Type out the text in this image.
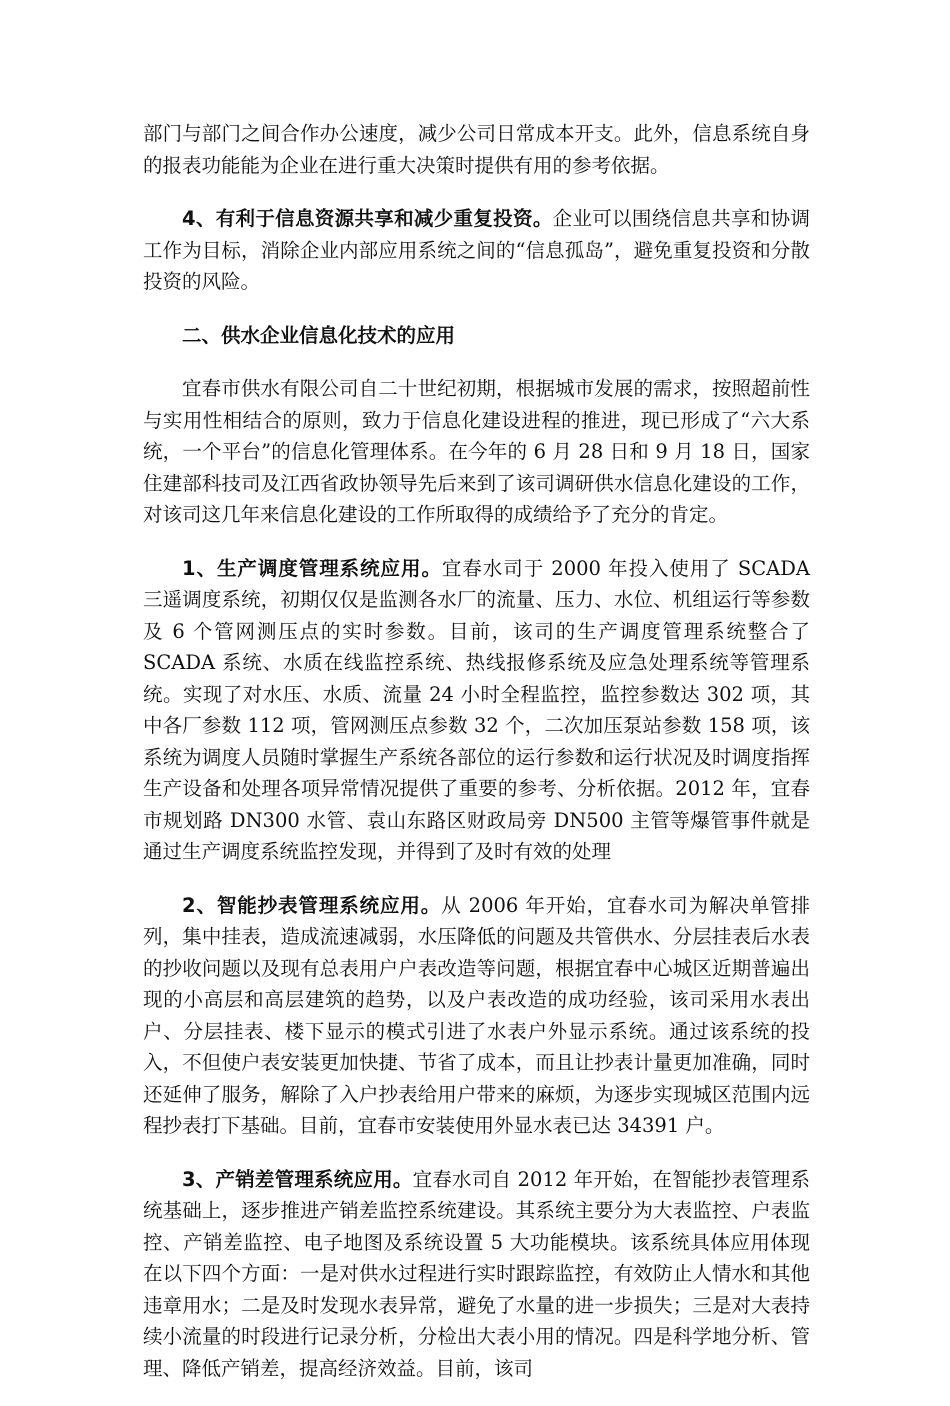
部门与部门之间合作办公速度，减少公司日常成本开支。此外，信息系统自身的报表功能能为企业在进行重大决策时提供有用的参考依据。

4、有利于信息资源共享和减少重复投资。企业可以围绕信息共享和协调工作为目标，消除企业内部应用系统之间的“信息孤岛”，避免重复投资和分散投资的风险。

二、供水企业信息化技术的应用

宜春市供水有限公司自二十世纪初期，根据城市发展的需求，按照超前性与实用性相结合的原则，致力于信息化建设进程的推进，现已形成了“六大系统，一个平台”的信息化管理体系。在今年的 6 月 28 日和 9 月 18 日，国家住建部科技司及江西省政协领导先后来到了该司调研供水信息化建设的工作，对该司这几年来信息化建设的工作所取得的成绩给予了充分的肯定。

1、生产调度管理系统应用。宜春水司于 2000 年投入使用了 SCADA 三遥调度系统，初期仅仅是监测各水厂的流量、压力、水位、机组运行等参数及 6 个管网测压点的实时参数。目前，该司的生产调度管理系统整合了 SCADA 系统、水质在线监控系统、热线报修系统及应急处理系统等管理系统。实现了对水压、水质、流量 24 小时全程监控，监控参数达 302 项，其中各厂参数 112 项，管网测压点参数 32 个，二次加压泵站参数 158 项，该系统为调度人员随时掌握生产系统各部位的运行参数和运行状况及时调度指挥生产设备和处理各项异常情况提供了重要的参考、分析依据。2012 年，宜春市规划路 DN300 水管、袁山东路区财政局旁 DN500 主管等爆管事件就是通过生产调度系统监控发现，并得到了及时有效的处理

2、智能抄表管理系统应用。从 2006 年开始，宜春水司为解决单管排列，集中挂表，造成流速减弱，水压降低的问题及共管供水、分层挂表后水表的抄收问题以及现有总表用户户表改造等问题，根据宜春中心城区近期普遍出现的小高层和高层建筑的趋势，以及户表改造的成功经验，该司采用水表出户、分层挂表、楼下显示的模式引进了水表户外显示系统。通过该系统的投入，不但使户表安装更加快捷、节省了成本，而且让抄表计量更加准确，同时还延伸了服务，解除了入户抄表给用户带来的麻烦，为逐步实现城区范围内远程抄表打下基础。目前，宜春市安装使用外显水表已达 34391 户。

3、产销差管理系统应用。宜春水司自 2012 年开始，在智能抄表管理系统基础上，逐步推进产销差监控系统建设。其系统主要分为大表监控、户表监控、产销差监控、电子地图及系统设置 5 大功能模块。该系统具体应用体现在以下四个方面：一是对供水过程进行实时跟踪监控，有效防止人情水和其他违章用水；二是及时发现水表异常，避免了水量的进一步损失；三是对大表持续小流量的时段进行记录分析，分检出大表小用的情况。四是科学地分析、管理、降低产销差，提高经济效益。目前，该司
